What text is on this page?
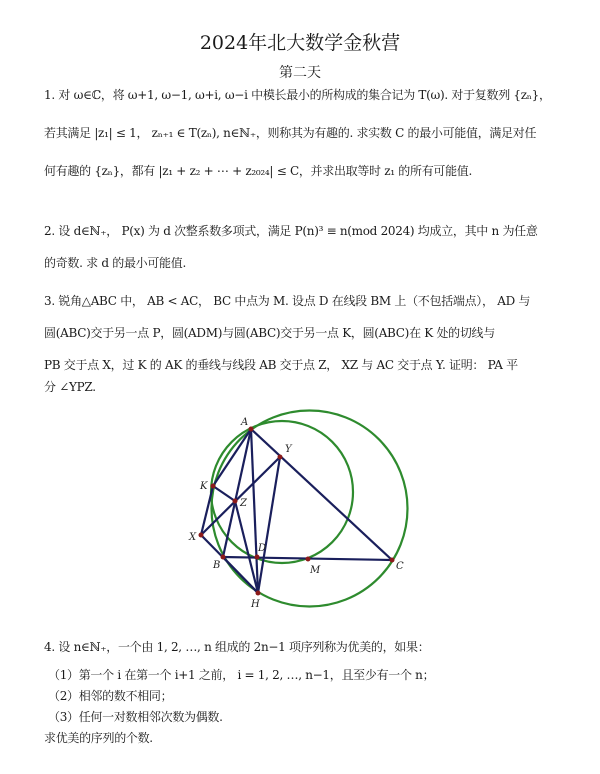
2024年北大数学金秋营
第二天
1. 对 ω∈ℂ，将 ω+1, ω−1, ω+i, ω−i 中模长最小的所构成的集合记为 T(ω). 对于复数列 {zₙ}，
若其满足 |z₁| ≤ 1， zₙ₊₁ ∈ T(zₙ), n∈ℕ₊，则称其为有趣的. 求实数 C 的最小可能值，满足对任
何有趣的 {zₙ}，都有 |z₁ + z₂ + ⋯ + z₂₀₂₄| ≤ C，并求出取等时 z₁ 的所有可能值.
2. 设 d∈ℕ₊， P(x) 为 d 次整系数多项式，满足 P(n)³ ≡ n(mod 2024) 均成立，其中 n 为任意
的奇数. 求 d 的最小可能值.
3. 锐角△ABC 中， AB < AC， BC 中点为 M. 设点 D 在线段 BM 上（不包括端点）， AD 与
圆(ABC)交于另一点 P，圆(ADM)与圆(ABC)交于另一点 K，圆(ABC)在 K 处的切线与
PB 交于点 X，过 K 的 AK 的垂线与线段 AB 交于点 Z， XZ 与 AC 交于点 Y. 证明： PA 平
分 ∠YPZ.
A
Y
K
Z
X
D
B	M	C
H
4. 设 n∈ℕ₊，一个由 1, 2, …, n 组成的 2n−1 项序列称为优美的，如果：
（1）第一个 i 在第一个 i+1 之前， i = 1, 2, …, n−1，且至少有一个 n；
（2）相邻的数不相同；
（3）任何一对数相邻次数为偶数.
求优美的序列的个数.
